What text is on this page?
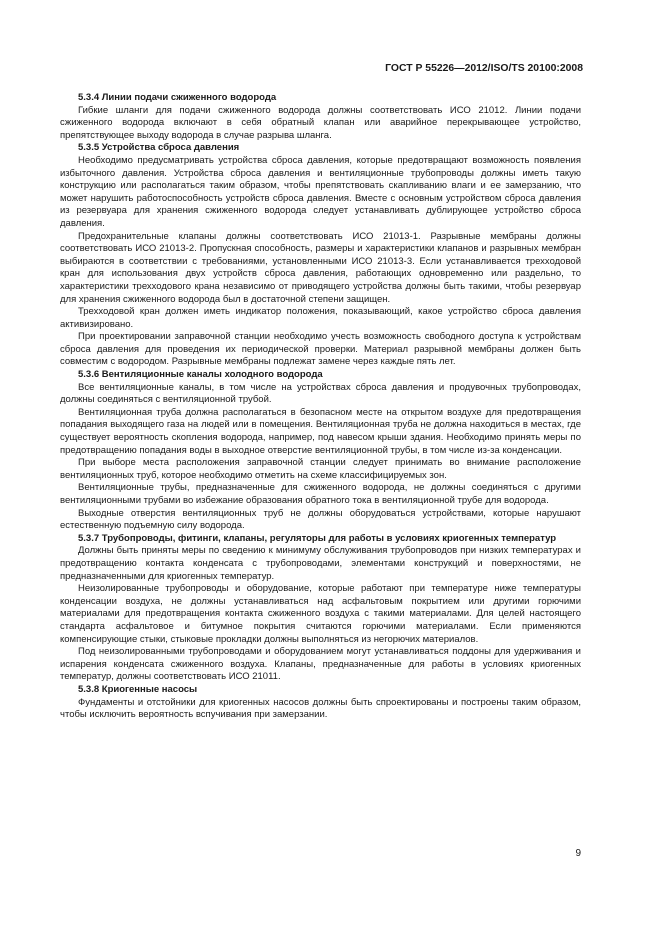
ГОСТ Р 55226—2012/ISO/TS 20100:2008

5.3.4 Линии подачи сжиженного водорода

Гибкие шланги для подачи сжиженного водорода должны соответствовать ИСО 21012. Линии подачи сжиженного водорода включают в себя обратный клапан или аварийное перекрывающее устройство, препятствующее выходу водорода в случае разрыва шланга.

5.3.5 Устройства сброса давления

Необходимо предусматривать устройства сброса давления, которые предотвращают возможность появления избыточного давления. Устройства сброса давления и вентиляционные трубопроводы должны иметь такую конструкцию или располагаться таким образом, чтобы препятствовать скапливанию влаги и ее замерзанию, что может нарушить работоспособность устройств сброса давления. Вместе с основным устройством сброса давления из резервуара для хранения сжиженного водорода следует устанавливать дублирующее устройство сброса давления.

Предохранительные клапаны должны соответствовать ИСО 21013-1. Разрывные мембраны должны соответствовать ИСО 21013-2. Пропускная способность, размеры и характеристики клапанов и разрывных мембран выбираются в соответствии с требованиями, установленными ИСО 21013-3. Если устанавливается трехходовой кран для использования двух устройств сброса давления, работающих одновременно или раздельно, то характеристики трехходового крана независимо от приводящего устройства должны быть такими, чтобы резервуар для хранения сжиженного водорода был в достаточной степени защищен.

Трехходовой кран должен иметь индикатор положения, показывающий, какое устройство сброса давления активизировано.

При проектировании заправочной станции необходимо учесть возможность свободного доступа к устройствам сброса давления для проведения их периодической проверки. Материал разрывной мембраны должен быть совместим с водородом. Разрывные мембраны подлежат замене через каждые пять лет.

5.3.6 Вентиляционные каналы холодного водорода

Все вентиляционные каналы, в том числе на устройствах сброса давления и продувочных трубопроводах, должны соединяться с вентиляционной трубой.

Вентиляционная труба должна располагаться в безопасном месте на открытом воздухе для предотвращения попадания выходящего газа на людей или в помещения. Вентиляционная труба не должна находиться в местах, где существует вероятность скопления водорода, например, под навесом крыши здания. Необходимо принять меры по предотвращению попадания воды в выходное отверстие вентиляционной трубы, в том числе из-за конденсации.

При выборе места расположения заправочной станции следует принимать во внимание расположение вентиляционных труб, которое необходимо отметить на схеме классифицируемых зон.

Вентиляционные трубы, предназначенные для сжиженного водорода, не должны соединяться с другими вентиляционными трубами во избежание образования обратного тока в вентиляционной трубе для водорода.

Выходные отверстия вентиляционных труб не должны оборудоваться устройствами, которые нарушают естественную подъемную силу водорода.

5.3.7 Трубопроводы, фитинги, клапаны, регуляторы для работы в условиях криогенных температур

Должны быть приняты меры по сведению к минимуму обслуживания трубопроводов при низких температурах и предотвращению контакта конденсата с трубопроводами, элементами конструкций и поверхностями, не предназначенными для криогенных температур.

Неизолированные трубопроводы и оборудование, которые работают при температуре ниже температуры конденсации воздуха, не должны устанавливаться над асфальтовым покрытием или другими горючими материалами для предотвращения контакта сжиженного воздуха с такими материалами. Для целей настоящего стандарта асфальтовое и битумное покрытия считаются горючими материалами. Если применяются компенсирующие стыки, стыковые прокладки должны выполняться из негорючих материалов.

Под неизолированными трубопроводами и оборудованием могут устанавливаться поддоны для удерживания и испарения конденсата сжиженного воздуха. Клапаны, предназначенные для работы в условиях криогенных температур, должны соответствовать ИСО 21011.

5.3.8 Криогенные насосы

Фундаменты и отстойники для криогенных насосов должны быть спроектированы и построены таким образом, чтобы исключить вероятность вспучивания при замерзании.

9
